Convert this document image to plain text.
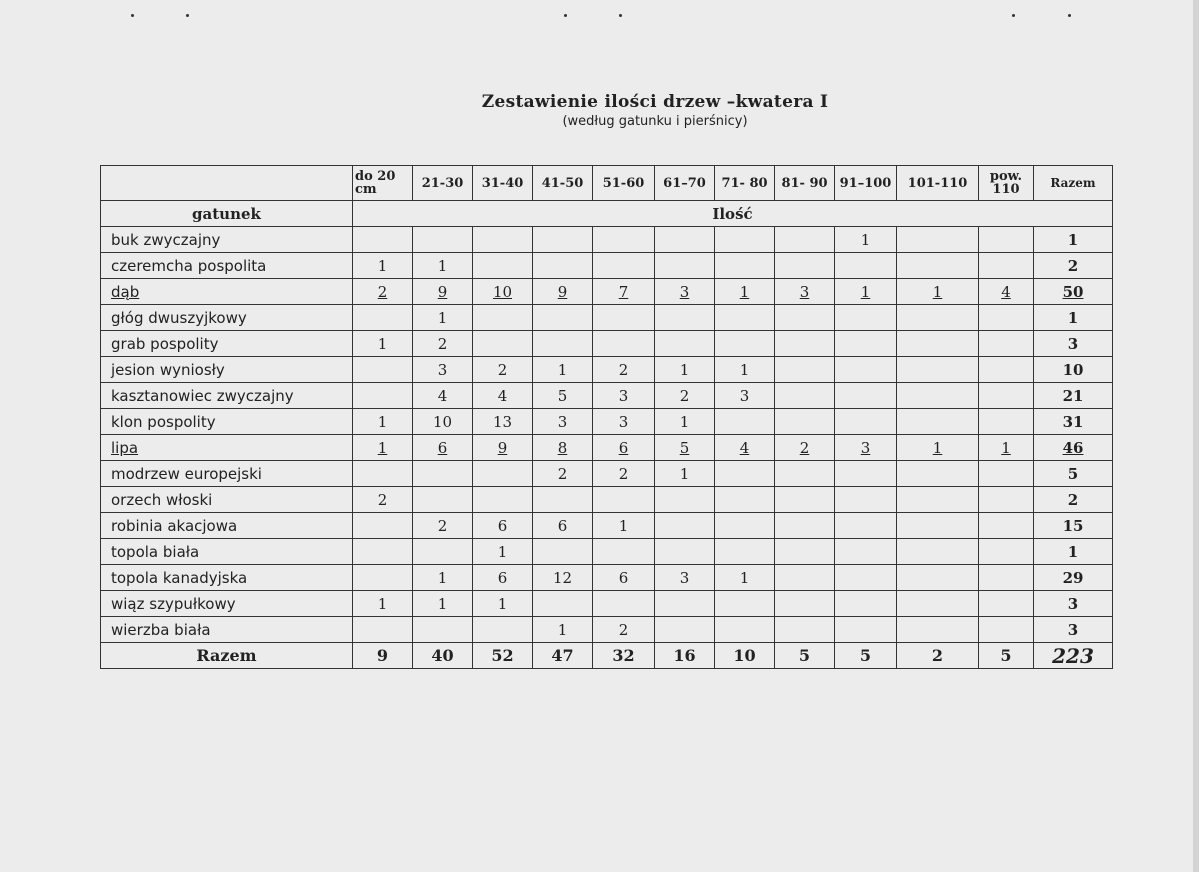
Zestawienie ilości drzew –kwatera I
(według gatunku i pierśnicy)
	do 20 cm	21-30	31-40	41-50	51-60	61–70	71- 80	81- 90	91–100	101-110	pow. 110	Razem
gatunek	Ilość											
buk zwyczajny									1			1
czeremcha pospolita	1	1										2
dąb	2	9	10	9	7	3	1	3	1	1	4	50
głóg dwuszyjkowy		1										1
grab pospolity	1	2										3
jesion wyniosły		3	2	1	2	1	1					10
kasztanowiec zwyczajny		4	4	5	3	2	3					21
klon pospolity	1	10	13	3	3	1						31
lipa	1	6	9	8	6	5	4	2	3	1	1	46
modrzew europejski				2	2	1						5
orzech włoski	2											2
robinia akacjowa		2	6	6	1							15
topola biała			1									1
topola kanadyjska		1	6	12	6	3	1					29
wiąz szypułkowy	1	1	1									3
wierzba biała				1	2							3
Razem	9	40	52	47	32	16	10	5	5	2	5	223
